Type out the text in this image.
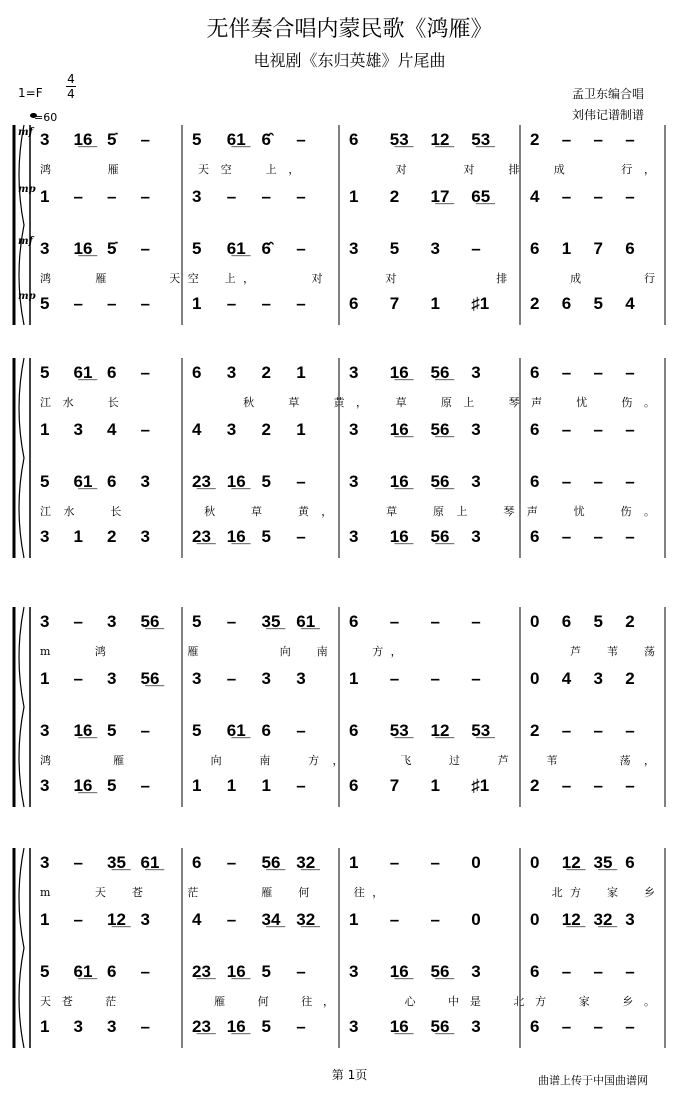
无伴奏合唱内蒙民歌《鸿雁》
电视剧《东归英雄》片尾曲
孟卫东编合唱
刘伟记谱制谱
1=F
4
4
=60
mf 3 1̲6̲ 5̇ – 5 6̲1̲ 6̂ –	6 5̲3̲ 1̲2̲ 5̲3̲ 2 – – –
鸿　　雁　　　天空　上，　　　　对　　对　排　成　　行，
mp 1 – – – 3 – – –	1 2 1̲7̲ 6̲5̲ 4 – – –
mf 3 1̲6̲ 5̇ – 5 6̲1̲ 6̂ –	3 5 3 –	6 1 7 6
鸿　　雁　　　天空　上，　　　对　　　对　　　　　排　　　成　　　行
mp 5 – – – 1 – – –	6 7 1 ♯1 2 6 5 4
5 6̲1̲ 6 – 6 3 2 1	3 1̲6̲ 5̲6̲ 3	6 – – –
江水　长　　　　　秋　草　黄，　草　原上　琴声　忧　伤。
1 3 4 – 4 3 2 1	3 1̲6̲ 5̲6̲ 3	6 – – –
5 6̲1̲ 6 3 2̲3̲ 1̲6̲ 5 –	3 1̲6̲ 5̲6̲ 3	6 – – –
江水　长　　　秋　草　黄，　　草　原上　琴声　忧　伤。
3 1 2 3 2̲3̲ 1̲6̲ 5 –	3 1̲6̲ 5̲6̲ 3	6 – – –
3 – 3 5̲6̲ 5 – 3̲5̲ 6̲1̲ 6 – – –	0 6 5 2
m　　鸿　　　　雁　　　　向　南　　方，　　　　　　　　　芦　苇　荡
1 – 3 5̲6̲ 3 – 3 3	1 – – –	0 4 3 2
3 1̲6̲ 5 – 5 6̲1̲ 6 –	6 5̲3̲ 1̲2̲ 5̲3̲ 2 – – –
鸿　　雁　　　向　南　方，　　飞　过　芦　苇　　荡，
3 1̲6̲ 5 – 1 1 1 –	6 7 1 ♯1 2 – – –
3 – 3̲5̲ 6̲1̲ 6 – 5̲6̲ 3̲2̲ 1 – – 0	0 1̲2̲ 3̲5̲ 6
m　　天　苍　　茫　　　雁　何　　往，　　　　　　　　　北方　家　乡
1 – 1̲2̲ 3 4 – 3̲4̲ 3̲2̲ 1 – – 0	0 1̲2̲ 3̲2̲ 3
5 6̲1̲ 6 – 2̲3̲ 1̲6̲ 5 –	3 1̲6̲ 5̲6̲ 3	6 – – –
天苍　茫　　　　雁　何　往，　　　心　中是　北方　家　乡。
1 3 3 – 2̲3̲ 1̲6̲ 5 –	3 1̲6̲ 5̲6̲ 3	6 – – –
第 1页	曲谱上传于中国曲谱网
